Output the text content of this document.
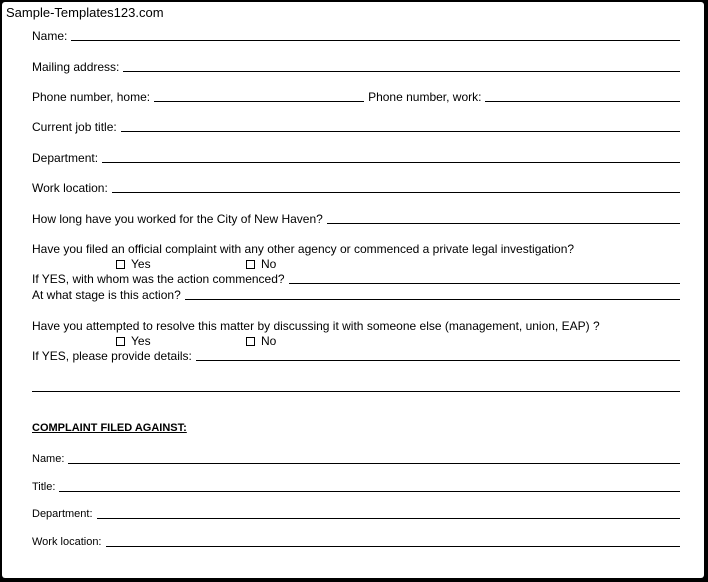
Sample-Templates123.com
Name:
Mailing address:
Phone number, home:	Phone number, work:
Current job title:
Department:
Work location:
How long have you worked for the City of New Haven?
Have you filed an official complaint with any other agency or commenced a private legal investigation?
Yes	No
If YES, with whom was the action commenced?
At what stage is this action?
Have you attempted to resolve this matter by discussing it with someone else (management, union, EAP) ?
Yes	No
If YES, please provide details:
COMPLAINT FILED AGAINST:
Name:
Title:
Department:
Work location:
